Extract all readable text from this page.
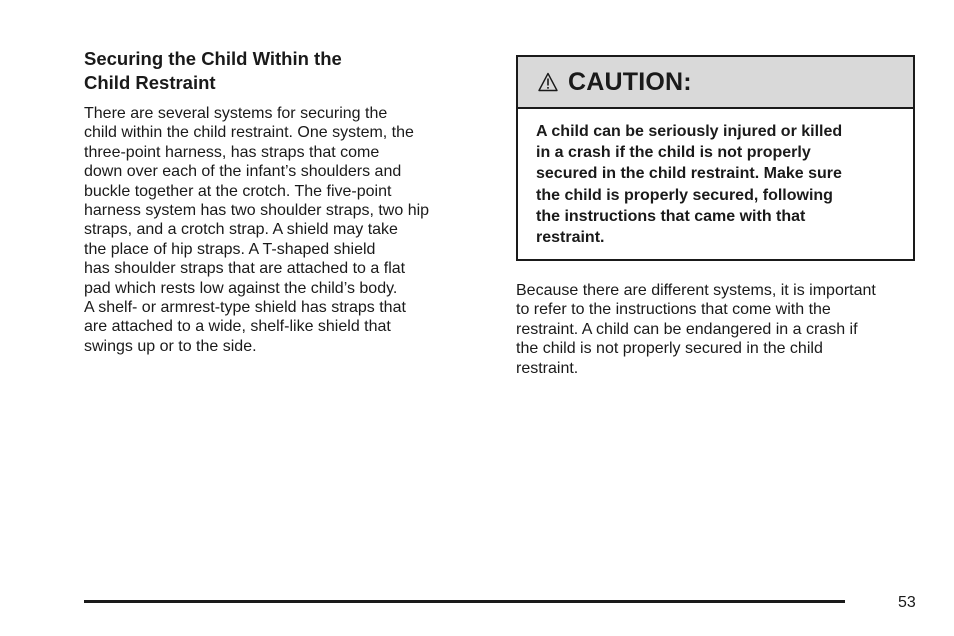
Securing the Child Within the
Child Restraint

There are several systems for securing the
child within the child restraint. One system, the
three-point harness, has straps that come
down over each of the infant’s shoulders and
buckle together at the crotch. The five-point
harness system has two shoulder straps, two hip
straps, and a crotch strap. A shield may take
the place of hip straps. A T-shaped shield
has shoulder straps that are attached to a flat
pad which rests low against the child’s body.
A shelf- or armrest-type shield has straps that
are attached to a wide, shelf-like shield that
swings up or to the side.

CAUTION:
A child can be seriously injured or killed
in a crash if the child is not properly
secured in the child restraint. Make sure
the child is properly secured, following
the instructions that came with that
restraint.

Because there are different systems, it is important
to refer to the instructions that come with the
restraint. A child can be endangered in a crash if
the child is not properly secured in the child
restraint.

53
